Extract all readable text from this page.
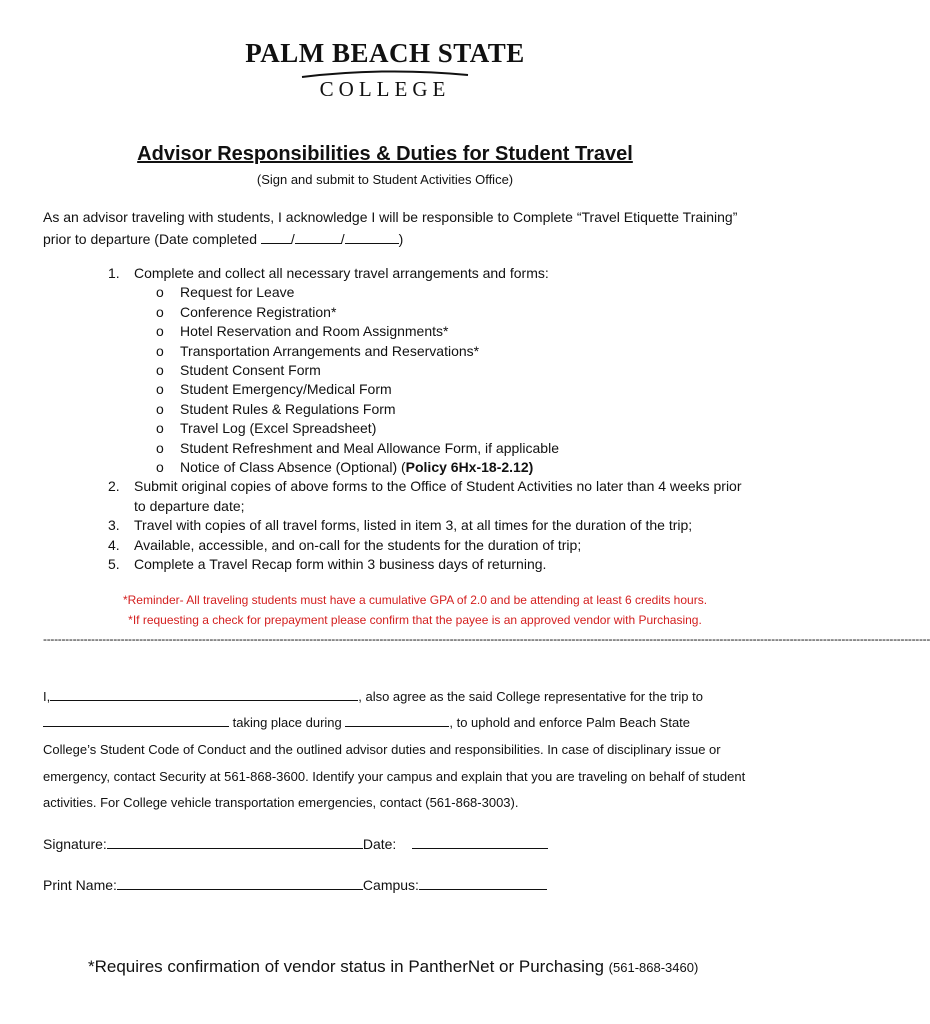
PALM BEACH STATE
COLLEGE
Advisor Responsibilities & Duties for Student Travel
(Sign and submit to Student Activities Office)
As an advisor traveling with students, I acknowledge I will be responsible to Complete “Travel Etiquette Training”
prior to departure (Date completed /	/	)
1.	Complete and collect all necessary travel arrangements and forms:
o	Request for Leave
o	Conference Registration*
o	Hotel Reservation and Room Assignments*
o	Transportation Arrangements and Reservations*
o	Student Consent Form
o	Student Emergency/Medical Form
o	Student Rules & Regulations Form
o	Travel Log (Excel Spreadsheet)
o	Student Refreshment and Meal Allowance Form, if applicable
o	Notice of Class Absence (Optional) (Policy 6Hx-18-2.12)
2.	Submit original copies of above forms to the Office of Student Activities no later than 4 weeks prior
to departure date;
3.	Travel with copies of all travel forms, listed in item 3, at all times for the duration of the trip;
4.	Available, accessible, and on-call for the students for the duration of trip;
5.	Complete a Travel Recap form within 3 business days of returning.
*Reminder- All traveling students must have a cumulative GPA of 2.0 and be attending at least 6 credits hours.
*If requesting a check for prepayment please confirm that the payee is an approved vendor with Purchasing.
------------------------------------------------------------------------------------------------------------------------------------------------------------------------------------------------------------------------------------------------
I,	, also agree as the said College representative for the trip to
taking place during	, to uphold and enforce Palm Beach State
College’s Student Code of Conduct and the outlined advisor duties and responsibilities. In case of disciplinary issue or
emergency, contact Security at 561-868-3600. Identify your campus and explain that you are traveling on behalf of student
activities. For College vehicle transportation emergencies, contact (561-868-3003).
Signature:	Date:
Print Name:	Campus:
*Requires confirmation of vendor status in PantherNet or Purchasing (561-868-3460)
